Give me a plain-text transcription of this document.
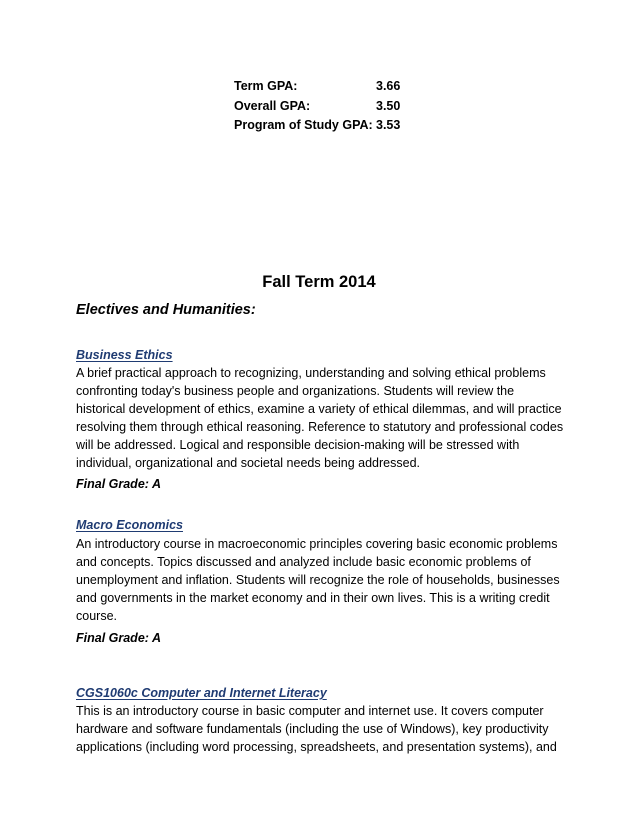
Term GPA:	3.66
Overall GPA:	3.50
Program of Study GPA: 3.53
Fall Term 2014
Electives and Humanities:
Business Ethics
A brief practical approach to recognizing, understanding and solving ethical problems
confronting today's business people and organizations. Students will review the
historical development of ethics, examine a variety of ethical dilemmas, and will practice
resolving them through ethical reasoning. Reference to statutory and professional codes
will be addressed. Logical and responsible decision-making will be stressed with
individual, organizational and societal needs being addressed.
Final Grade: A
Macro Economics
An introductory course in macroeconomic principles covering basic economic problems
and concepts. Topics discussed and analyzed include basic economic problems of
unemployment and inflation. Students will recognize the role of households, businesses
and governments in the market economy and in their own lives. This is a writing credit
course.
Final Grade: A
CGS1060c Computer and Internet Literacy
This is an introductory course in basic computer and internet use. It covers computer
hardware and software fundamentals (including the use of Windows), key productivity
applications (including word processing, spreadsheets, and presentation systems), and
